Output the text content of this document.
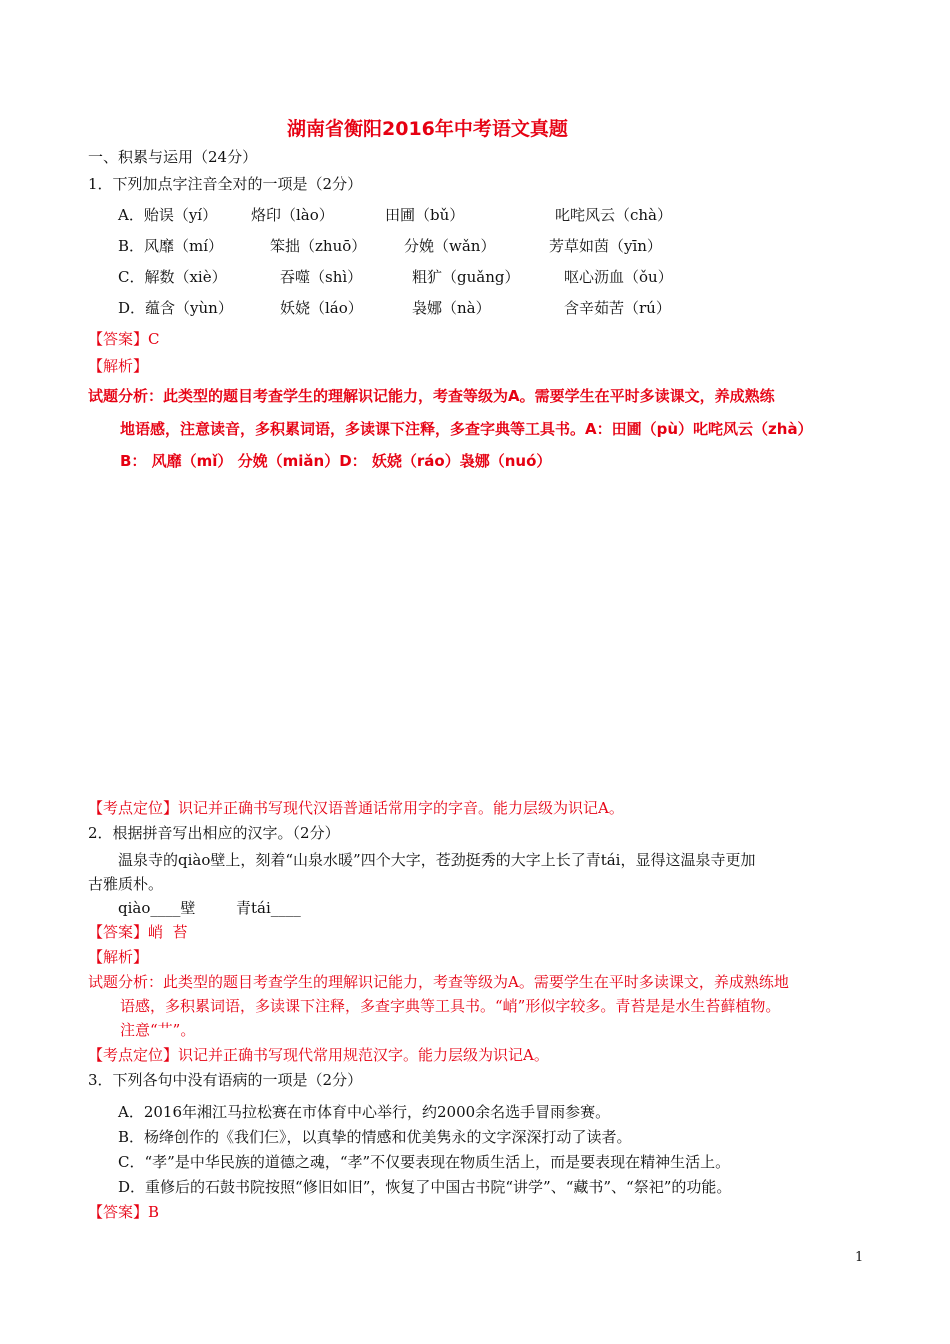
湖南省衡阳2016年中考语文真题
一、积累与运用（24分）
1．下列加点字注音全对的一项是（2分）
A．贻误（yí） 烙印（lào）	田圃（bǔ）	叱咤风云（chà）
B．风靡（mí）	笨拙（zhuō）	分娩（wǎn）	芳草如茵（yīn）
C．解数（xiè）	吞噬（shì）	粗犷（guǎng）	呕心沥血（ǒu）
D．蕴含（yùn）	妖娆（láo）	袅娜（nà）	含辛茹苦（rú）
【答案】C
【解析】
试题分析：此类型的题目考查学生的理解识记能力，考查等级为A。需要学生在平时多读课文，养成熟练
地语感，注意读音，多积累词语，多读课下注释，多查字典等工具书。A：田圃（pù）叱咤风云（zhà）
B： 风靡（mǐ） 分娩（miǎn）D： 妖娆（ráo）袅娜（nuó）
【考点定位】识记并正确书写现代汉语普通话常用字的字音。能力层级为识记A。
2．根据拼音写出相应的汉字。（2分）
温泉寺的qiào壁上，刻着“山泉水暖”四个大字，苍劲挺秀的大字上长了青tái，显得这温泉寺更加
古雅质朴。
qiào____壁	青tái____
【答案】峭  苔
【解析】
试题分析：此类型的题目考查学生的理解识记能力，考查等级为A。需要学生在平时多读课文，养成熟练地
语感，多积累词语，多读课下注释，多查字典等工具书。“峭”形似字较多。青苔是是水生苔藓植物。
注意“艹”。
【考点定位】识记并正确书写现代常用规范汉字。能力层级为识记A。
3．下列各句中没有语病的一项是（2分）
A．2016年湘江马拉松赛在市体育中心举行，约2000余名选手冒雨参赛。
B．杨绛创作的《我们仨》，以真挚的情感和优美隽永的文字深深打动了读者。
C．“孝”是中华民族的道德之魂，“孝”不仅要表现在物质生活上，而是要表现在精神生活上。
D．重修后的石鼓书院按照“修旧如旧”，恢复了中国古书院“讲学”、“藏书”、“祭祀”的功能。
【答案】B
1
